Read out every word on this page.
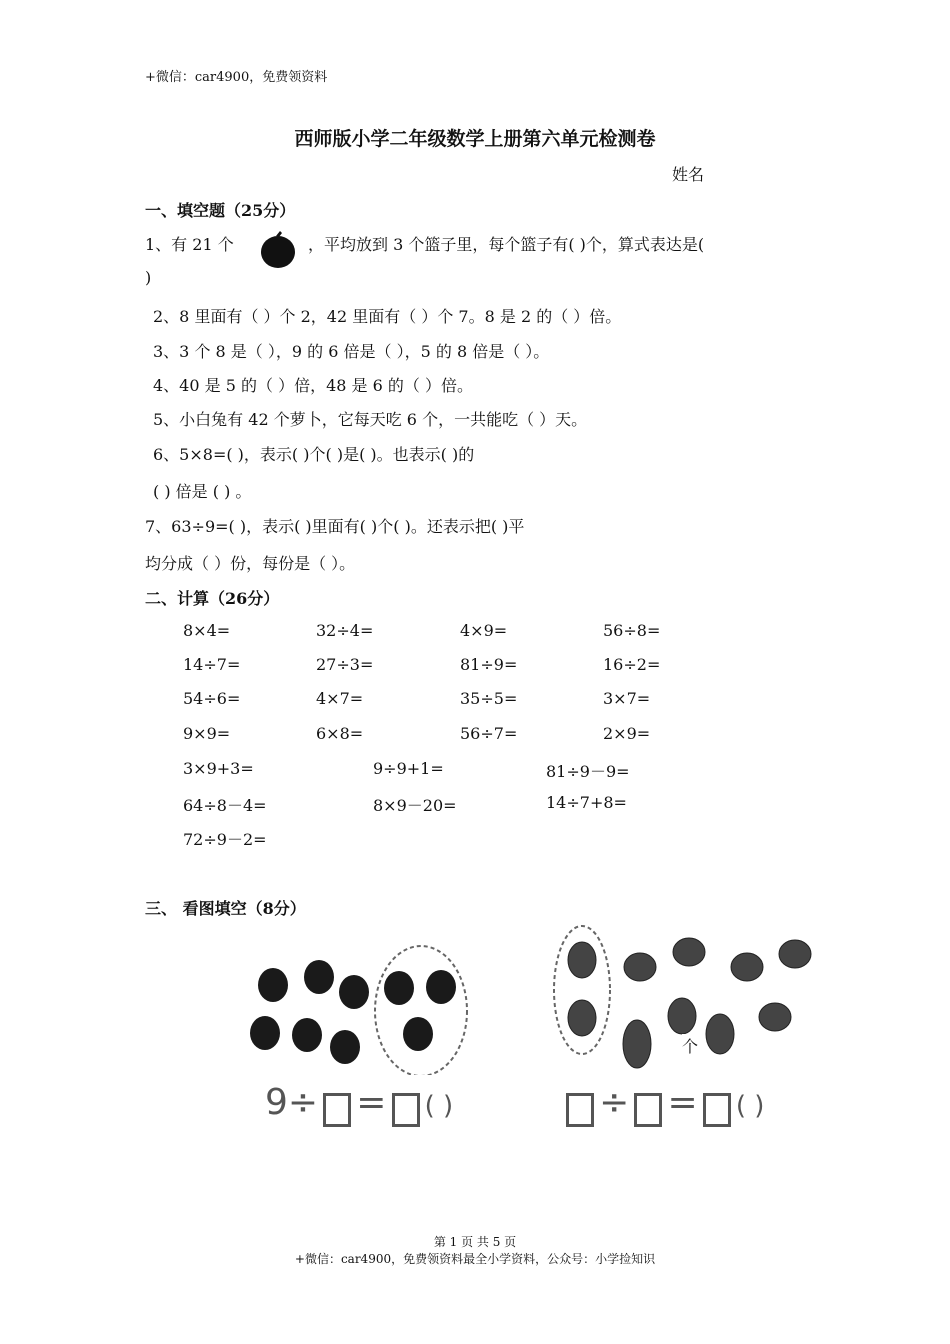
+微信：car4900，免费领资料
西师版小学二年级数学上册第六单元检测卷
姓名
一、填空题（25分）
1、有 21 个	，平均放到 3 个篮子里，每个篮子有( )个，算式表达是(
)
2、8 里面有（ ）个 2，42 里面有（ ）个 7。8 是 2 的（ ）倍。
3、3 个 8 是（ ），9 的 6 倍是（ ），5 的 8 倍是（ ）。
4、40 是 5 的（ ）倍，48 是 6 的（ ）倍。
5、小白兔有 42 个萝卜，它每天吃 6 个，一共能吃（ ）天。
6、5×8=( )，表示( )个( )是( )。也表示( )的
( ) 倍是 ( ) 。
7、63÷9=( )，表示( )里面有( )个( )。还表示把( )平
均分成（ ）份，每份是（ ）。
二、计算（26分）
8×4=	32÷4=	4×9=	56÷8=
14÷7=	27÷3=	81÷9=	16÷2=
54÷6=	4×7=	35÷5=	3×7=
9×9=	6×8=	56÷7=	2×9=
3×9+3=	9÷9+1=	81÷9－9=
64÷8－4=	8×9－20=	14÷7+8=
72÷9－2=
三、 看图填空（8分）
9÷ = ( )
个
÷ = ( )
第 1 页 共 5 页
+微信：car4900，免费领资料最全小学资料，公众号：小学捡知识
